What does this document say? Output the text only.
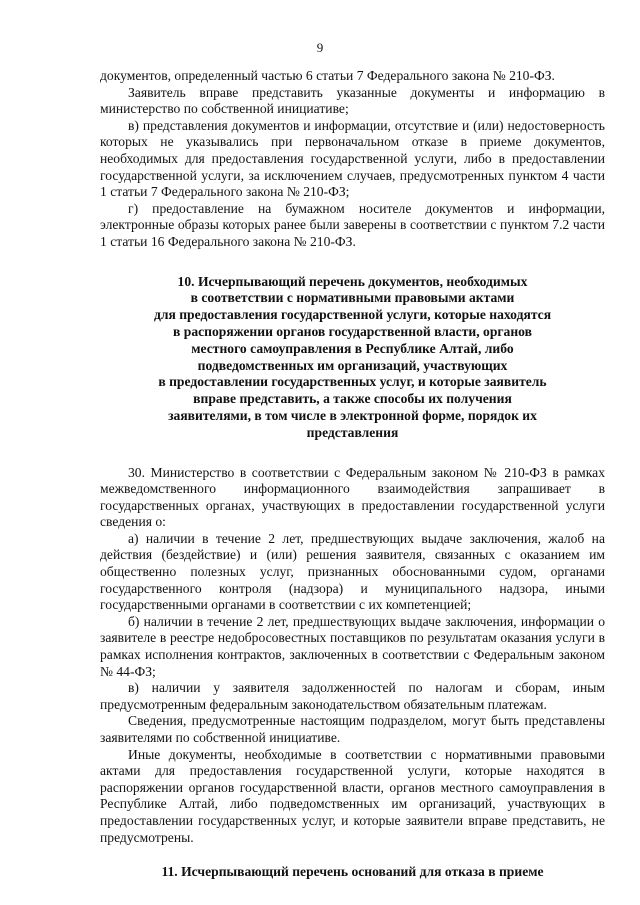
9

документов, определенный частью 6 статьи 7 Федерального закона № 210-ФЗ.

Заявитель вправе представить указанные документы и информацию в министерство по собственной инициативе;

в) представления документов и информации, отсутствие и (или) недостоверность которых не указывались при первоначальном отказе в приеме документов, необходимых для предоставления государственной услуги, либо в предоставлении государственной услуги, за исключением случаев, предусмотренных пунктом 4 части 1 статьи 7 Федерального закона № 210-ФЗ;

г) предоставление на бумажном носителе документов и информации, электронные образы которых ранее были заверены в соответствии с пунктом 7.2 части 1 статьи 16 Федерального закона № 210-ФЗ.

10. Исчерпывающий перечень документов, необходимых
в соответствии с нормативными правовыми актами
для предоставления государственной услуги, которые находятся
в распоряжении органов государственной власти, органов
местного самоуправления в Республике Алтай, либо
подведомственных им организаций, участвующих
в предоставлении государственных услуг, и которые заявитель
вправе представить, а также способы их получения
заявителями, в том числе в электронной форме, порядок их
представления

30. Министерство в соответствии с Федеральным законом № 210-ФЗ в рамках межведомственного информационного взаимодействия запрашивает в государственных органах, участвующих в предоставлении государственной услуги сведения о:

а) наличии в течение 2 лет, предшествующих выдаче заключения, жалоб на действия (бездействие) и (или) решения заявителя, связанных с оказанием им общественно полезных услуг, признанных обоснованными судом, органами государственного контроля (надзора) и муниципального надзора, иными государственными органами в соответствии с их компетенцией;

б) наличии в течение 2 лет, предшествующих выдаче заключения, информации о заявителе в реестре недобросовестных поставщиков по результатам оказания услуги в рамках исполнения контрактов, заключенных в соответствии с Федеральным законом № 44-ФЗ;

в) наличии у заявителя задолженностей по налогам и сборам, иным предусмотренным федеральным законодательством обязательным платежам.

Сведения, предусмотренные настоящим подразделом, могут быть представлены заявителями по собственной инициативе.

Иные документы, необходимые в соответствии с нормативными правовыми актами для предоставления государственной услуги, которые находятся в распоряжении органов государственной власти, органов местного самоуправления в Республике Алтай, либо подведомственных им организаций, участвующих в предоставлении государственных услуг, и которые заявители вправе представить, не предусмотрены.

11. Исчерпывающий перечень оснований для отказа в приеме
